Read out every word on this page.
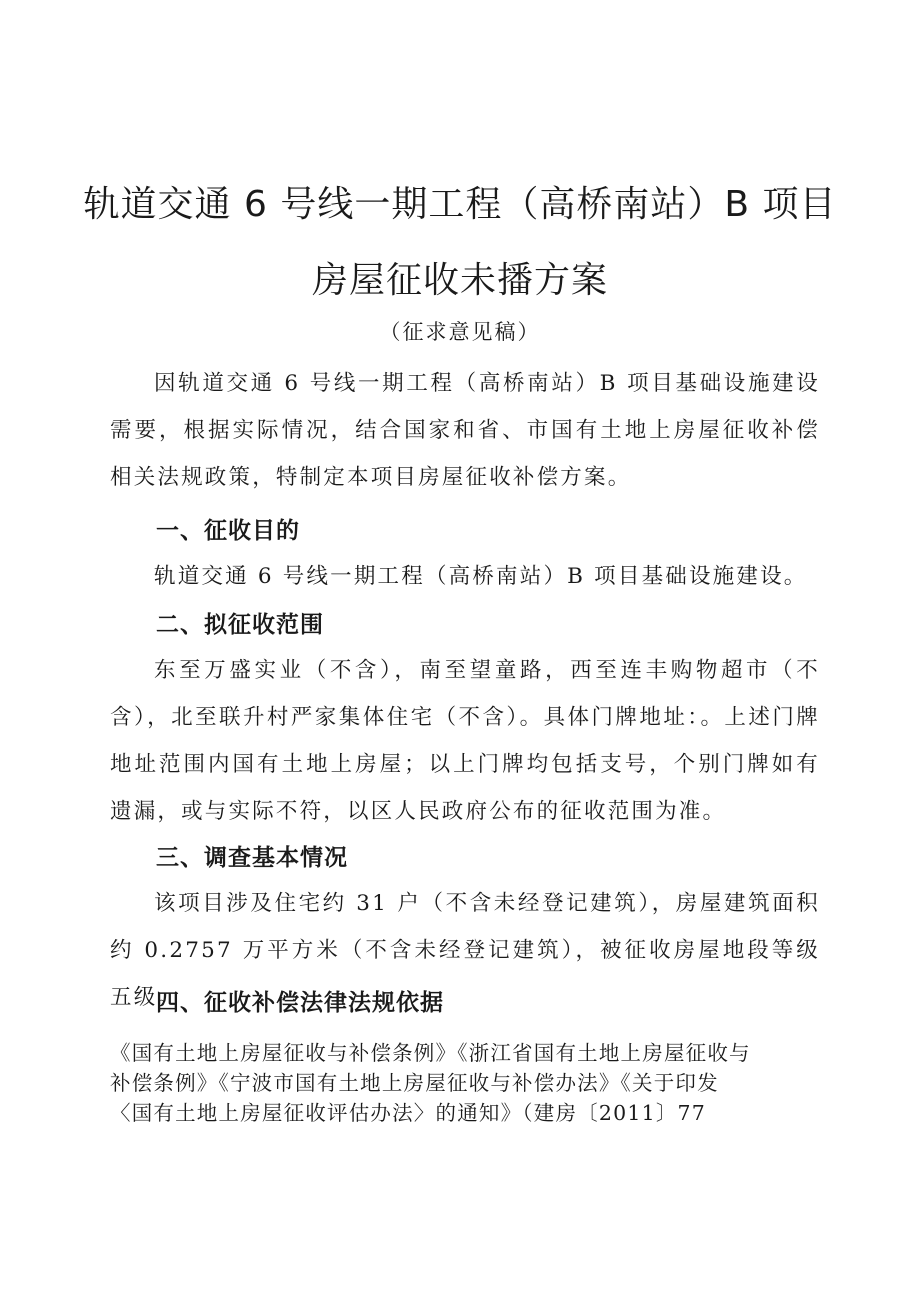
轨道交通 6 号线一期工程（高桥南站）B 项目
房屋征收未播方案
（征求意见稿）

因轨道交通 6 号线一期工程（高桥南站）B 项目基础设施建设需要，根据实际情况，结合国家和省、市国有土地上房屋征收补偿相关法规政策，特制定本项目房屋征收补偿方案。

一、征收目的

轨道交通 6 号线一期工程（高桥南站）B 项目基础设施建设。

二、拟征收范围

东至万盛实业（不含），南至望童路，西至连丰购物超市（不含），北至联升村严家集体住宅（不含）。具体门牌地址：。上述门牌地址范围内国有土地上房屋；以上门牌均包括支号，个别门牌如有遗漏，或与实际不符，以区人民政府公布的征收范围为准。

三、调查基本情况

该项目涉及住宅约 31 户（不含未经登记建筑），房屋建筑面积约 0.2757 万平方米（不含未经登记建筑），被征收房屋地段等级五级。

四、征收补偿法律法规依据
《国有土地上房屋征收与补偿条例》《浙江省国有土地上房屋征收与
补偿条例》《宁波市国有土地上房屋征收与补偿办法》《关于印发
〈国有土地上房屋征收评估办法〉的通知》（建房〔2011〕77
